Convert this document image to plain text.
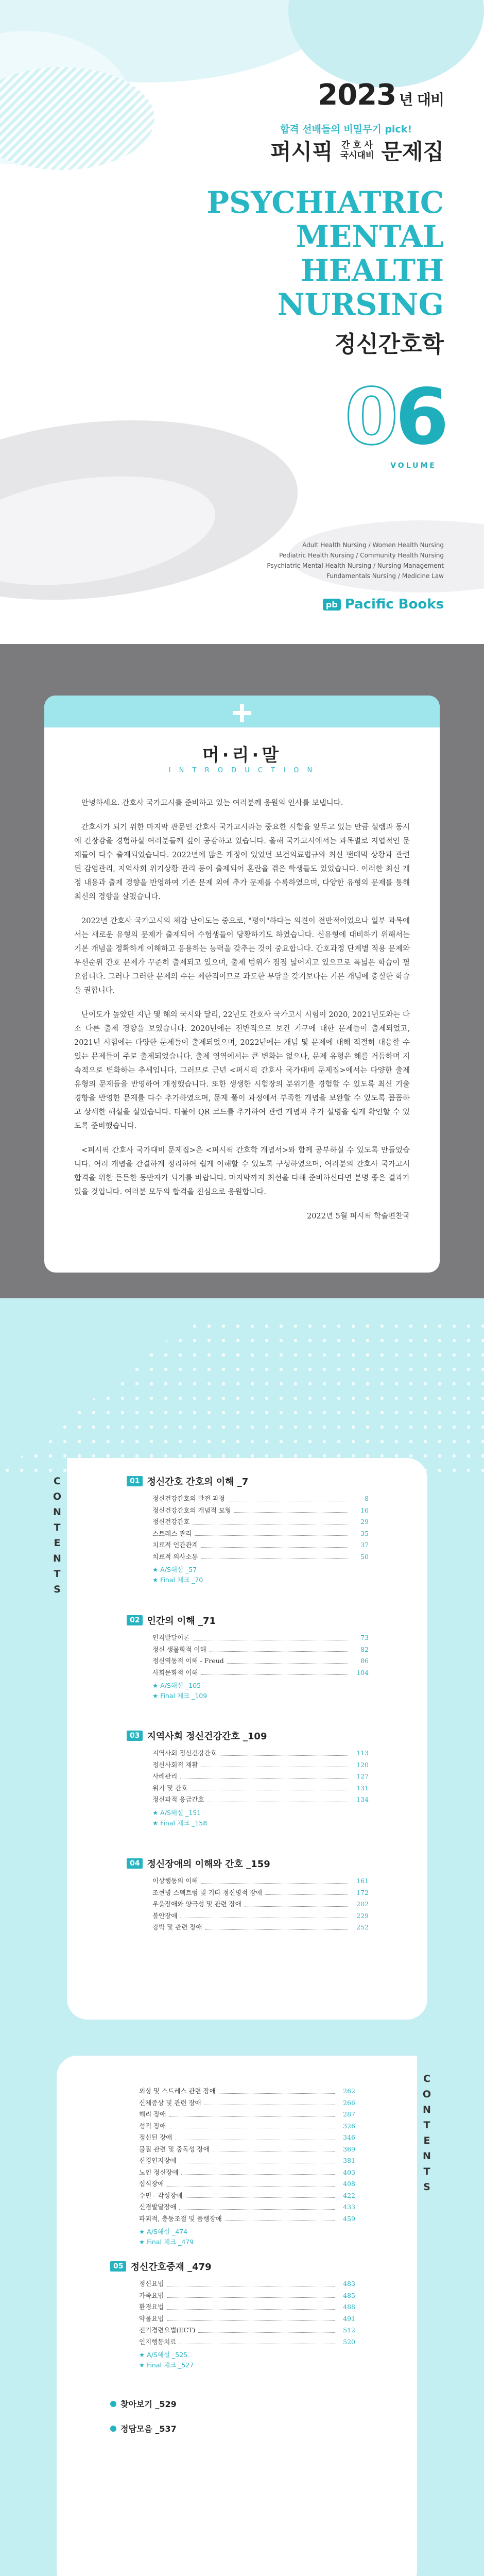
2023 년 대비
합격 선배들의 비밀무기 pick!
퍼시픽 간 호 사
국시대비 문제집
PSYCHIATRIC
MENTAL
HEALTH
NURSING
정신간호학
06
VOLUME
Adult Health Nursing / Women Health Nursing
Pediatric Health Nursing / Community Health Nursing
Psychiatric Mental Health Nursing / Nursing Management
Fundamentals Nursing / Medicine Law
pb Pacific Books
머·리·말
I N T R O D U C T I O N

안녕하세요. 간호사 국가고시를 준비하고 있는 여러분께 응원의 인사를 보냅니다.

간호사가 되기 위한 마지막 관문인 간호사 국가고시라는 중요한 시험을 앞두고 있는 만큼 설렘과 동시에 긴장감을 경험하실 여러분들께 깊이 공감하고 있습니다. 올해 국가고시에서는 과목별로 지엽적인 문제들이 다수 출제되었습니다. 2022년에 많은 개정이 있었던 보건의료법규와 최신 팬데믹 상황과 관련된 감염관리, 지역사회 위기상황 관리 등이 출제되어 혼란을 겪은 학생들도 있었습니다. 이러한 최신 개정 내용과 출제 경향을 반영하여 기존 문제 외에 추가 문제를 수록하였으며, 다양한 유형의 문제를 통해 최신의 경향을 살폈습니다.

2022년 간호사 국가고시의 체감 난이도는 중으로, "평이"하다는 의견이 전반적이었으나 일부 과목에서는 새로운 유형의 문제가 출제되어 수험생들이 당황하기도 하였습니다. 신유형에 대비하기 위해서는 기본 개념을 정확하게 이해하고 응용하는 능력을 갖추는 것이 중요합니다. 간호과정 단계별 적용 문제와 우선순위 간호 문제가 꾸준히 출제되고 있으며, 출제 범위가 점점 넓어지고 있으므로 폭넓은 학습이 필요합니다. 그러나 그러한 문제의 수는 제한적이므로 과도한 부담을 갖기보다는 기본 개념에 충실한 학습을 권합니다.

난이도가 높았던 지난 몇 해의 국시와 달리, 22년도 간호사 국가고시 시험이 2020, 2021년도와는 다소 다른 출제 경향을 보였습니다. 2020년에는 전반적으로 보건 기구에 대한 문제들이 출제되었고, 2021년 시험에는 다양한 문제들이 출제되었으며, 2022년에는 개념 및 문제에 대해 적절히 대응할 수 있는 문제들이 주로 출제되었습니다. 출제 영역에서는 큰 변화는 없으나, 문제 유형은 해를 거듭하며 지속적으로 변화하는 추세입니다. 그러므로 근년 <퍼시픽 간호사 국가대비 문제집>에서는 다양한 출제 유형의 문제들을 반영하여 개정했습니다. 또한 생생한 시험장의 분위기를 경험할 수 있도록 최신 기출 경향을 반영한 문제를 다수 추가하였으며, 문제 풀이 과정에서 부족한 개념을 보완할 수 있도록 꼼꼼하고 상세한 해설을 실었습니다. 더불어 QR 코드를 추가하여 관련 개념과 추가 설명을 쉽게 확인할 수 있도록 준비했습니다.

<퍼시픽 간호사 국가대비 문제집>은 <퍼시픽 간호학 개념서>와 함께 공부하실 수 있도록 만들었습니다. 여러 개념을 간결하게 정리하여 쉽게 이해할 수 있도록 구성하였으며, 여러분의 간호사 국가고시 합격을 위한 든든한 동반자가 되기를 바랍니다. 마지막까지 최선을 다해 준비하신다면 분명 좋은 결과가 있을 것입니다. 여러분 모두의 합격을 진심으로 응원합니다.

2022년 5월 퍼시픽 학술편찬국

C
O
N
T
E
N
T
S
01 정신간호 간호의 이해 _7
정신건강간호의 발전 과정	8
정신건강간호의 개념적 모형	16
정신건강간호	29
스트레스 관리	35
치료적 인간관계	37
치료적 의사소통	50
★ A/S해설 _57
★ Final 체크 _70
02 인간의 이해 _71
인격발달이론	73
정신 생물학적 이해	82
정신역동적 이해 - Freud	86
사회문화적 이해	104
★ A/S해설 _105
★ Final 체크 _109
03 지역사회 정신건강간호 _109
지역사회 정신건강간호	113
정신사회적 재활	120
사례관리	127
위기 및 간호	131
정신과적 응급간호	134
★ A/S해설 _151
★ Final 체크 _158
04 정신장애의 이해와 간호 _159
이상행동의 이해	161
조현병 스펙트럼 및 기타 정신병적 장애	172
우울장애와 양극성 및 관련 장애	202
불안장애	229
강박 및 관련 장애	252
C
O
N
T
E
N
T
S
외상 및 스트레스 관련 장애	262
신체증상 및 관련 장애	266
해리 장애	287
성적 장애	326
정신된 장애	346
물질 관련 및 중독성 장애	369
신경인지장애	381
노인 정신장애	403
섭식장애	408
수면 - 각성장애	422
신경발달장애	433
파괴적, 충동조절 및 품행장애	459
★ A/S해설 _474
★ Final 체크 _479
05 정신간호중재 _479
정신요법	483
가족요법	485
환경요법	488
약물요법	491
전기경련요법(ECT)	512
인지행동치료	520
★ A/S해설 _525
★ Final 체크 _527
찾아보기 _529
정답모음 _537
